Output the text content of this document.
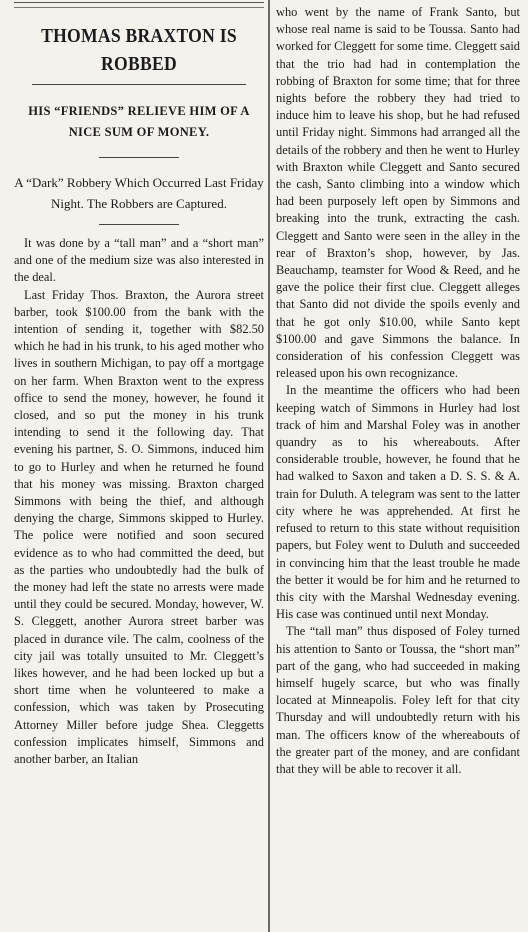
THOMAS BRAXTON IS ROBBED
HIS “FRIENDS” RELIEVE HIM OF A NICE SUM OF MONEY.
A “Dark” Robbery Which Occurred Last Friday Night. The Robbers are Captured.

It was done by a “tall man” and a “short man” and one of the medium size was also interested in the deal.

Last Friday Thos. Braxton, the Aurora street barber, took $100.00 from the bank with the intention of sending it, together with $82.50 which he had in his trunk, to his aged mother who lives in southern Michigan, to pay off a mortgage on her farm. When Braxton went to the express office to send the money, however, he found it closed, and so put the money in his trunk intending to send it the following day. That evening his partner, S. O. Simmons, induced him to go to Hurley and when he returned he found that his money was missing. Braxton charged Simmons with being the thief, and although denying the charge, Simmons skipped to Hurley. The police were notified and soon secured evidence as to who had committed the deed, but as the parties who undoubtedly had the bulk of the money had left the state no arrests were made until they could be secured. Monday, however, W. S. Cleggett, another Aurora street barber was placed in durance vile. The calm, coolness of the city jail was totally unsuited to Mr. Cleggett’s likes however, and he had been locked up but a short time when he volunteered to make a confession, which was taken by Prosecuting Attorney Miller before judge Shea. Cleggetts confession implicates himself, Simmons and another barber, an Italian

who went by the name of Frank Santo, but whose real name is said to be Toussa. Santo had worked for Cleggett for some time. Cleggett said that the trio had had in contemplation the robbing of Braxton for some time; that for three nights before the robbery they had tried to induce him to leave his shop, but he had refused until Friday night. Simmons had arranged all the details of the robbery and then he went to Hurley with Braxton while Cleggett and Santo secured the cash, Santo climbing into a window which had been purposely left open by Simmons and breaking into the trunk, extracting the cash. Cleggett and Santo were seen in the alley in the rear of Braxton’s shop, however, by Jas. Beauchamp, teamster for Wood & Reed, and he gave the police their first clue. Cleggett alleges that Santo did not divide the spoils evenly and that he got only $10.00, while Santo kept $100.00 and gave Simmons the balance. In consideration of his confession Cleggett was released upon his own recognizance.

In the meantime the officers who had been keeping watch of Simmons in Hurley had lost track of him and Marshal Foley was in another quandry as to his whereabouts. After considerable trouble, however, he found that he had walked to Saxon and taken a D. S. S. & A. train for Duluth. A telegram was sent to the latter city where he was apprehended. At first he refused to return to this state without requisition papers, but Foley went to Duluth and succeeded in convincing him that the least trouble he made the better it would be for him and he returned to this city with the Marshal Wednesday evening. His case was continued until next Monday.

The “tall man” thus disposed of Foley turned his attention to Santo or Toussa, the “short man” part of the gang, who had succeeded in making himself hugely scarce, but who was finally located at Minneapolis. Foley left for that city Thursday and will undoubtedly return with his man. The officers know of the whereabouts of the greater part of the money, and are confidant that they will be able to recover it all.
